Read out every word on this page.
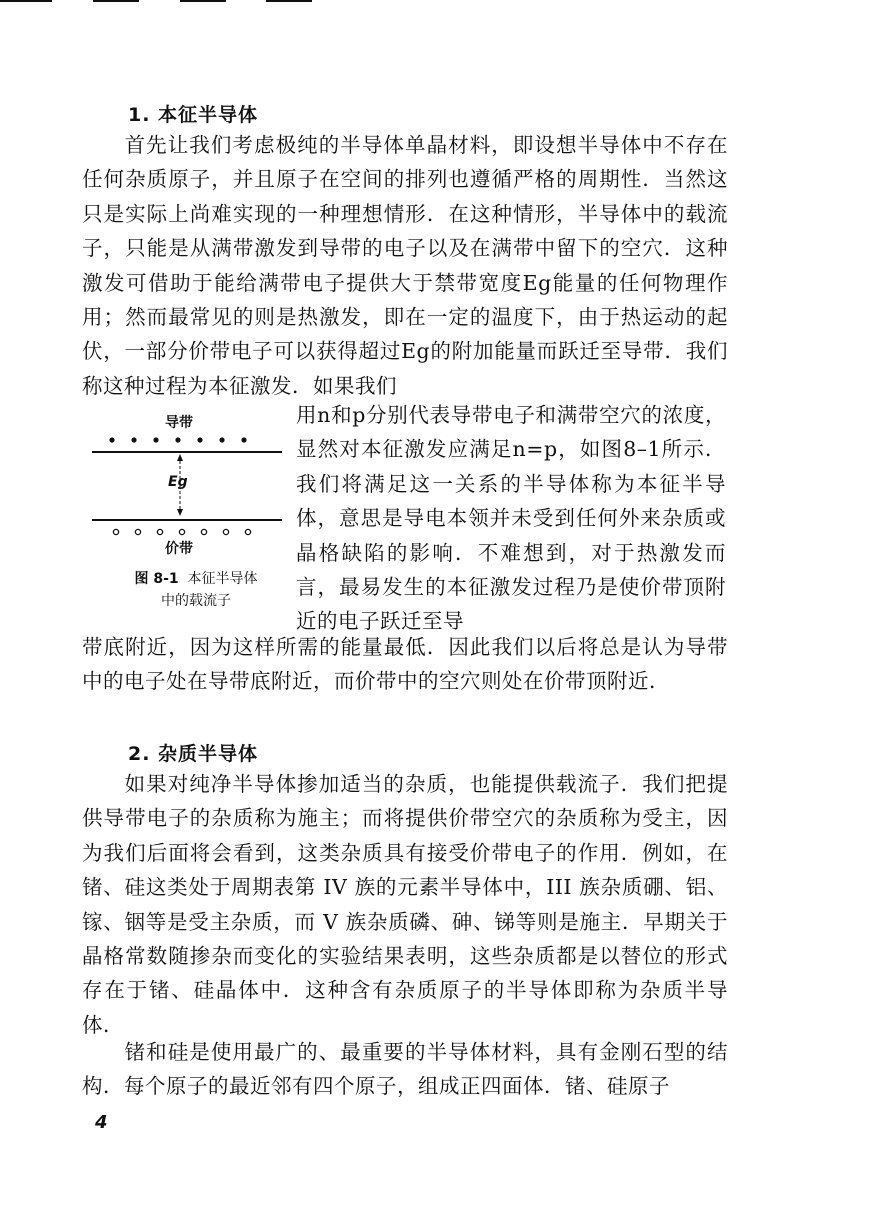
1. 本征半导体

首先让我们考虑极纯的半导体单晶材料，即设想半导体中不存在任何杂质原子，并且原子在空间的排列也遵循严格的周期性．当然这只是实际上尚难实现的一种理想情形．在这种情形，半导体中的载流子，只能是从满带激发到导带的电子以及在满带中留下的空穴．这种激发可借助于能给满带电子提供大于禁带宽度Eg能量的任何物理作用；然而最常见的则是热激发，即在一定的温度下，由于热运动的起伏，一部分价带电子可以获得超过Eg的附加能量而跃迁至导带．我们称这种过程为本征激发．如果我们

导带
Eg
价带
图 8-1 本征半导体
中的载流子

用n和p分别代表导带电子和满带空穴的浓度，显然对本征激发应满足n=p，如图8–1所示．我们将满足这一关系的半导体称为本征半导体，意思是导电本领并未受到任何外来杂质或晶格缺陷的影响．不难想到，对于热激发而言，最易发生的本征激发过程乃是使价带顶附近的电子跃迁至导

带底附近，因为这样所需的能量最低．因此我们以后将总是认为导带中的电子处在导带底附近，而价带中的空穴则处在价带顶附近．

2. 杂质半导体

如果对纯净半导体掺加适当的杂质，也能提供载流子．我们把提供导带电子的杂质称为施主；而将提供价带空穴的杂质称为受主，因为我们后面将会看到，这类杂质具有接受价带电子的作用．例如，在锗、硅这类处于周期表第 IV 族的元素半导体中，III 族杂质硼、铝、镓、铟等是受主杂质，而 V 族杂质磷、砷、锑等则是施主．早期关于晶格常数随掺杂而变化的实验结果表明，这些杂质都是以替位的形式存在于锗、硅晶体中．这种含有杂质原子的半导体即称为杂质半导体．

锗和硅是使用最广的、最重要的半导体材料，具有金刚石型的结构．每个原子的最近邻有四个原子，组成正四面体．锗、硅原子

4
